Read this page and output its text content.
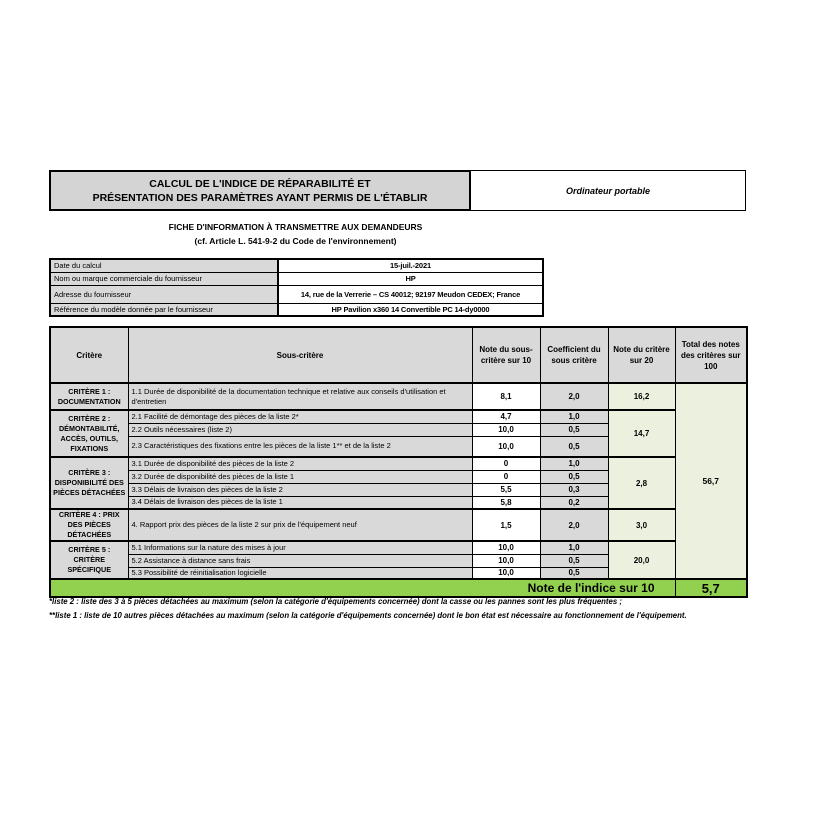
CALCUL DE L'INDICE DE RÉPARABILITÉ ET
PRÉSENTATION DES PARAMÈTRES AYANT PERMIS DE L'ÉTABLIR
Ordinateur portable
FICHE D'INFORMATION À TRANSMETTRE AUX DEMANDEURS
(cf. Article L. 541-9-2 du Code de l'environnement)
Date du calcul	15-juil.-2021
Nom ou marque commerciale du fournisseur	HP
Adresse du fournisseur	14, rue de la Verrerie – CS 40012; 92197 Meudon CEDEX; France
Référence du modèle donnée par le fournisseur	HP Pavilion x360 14 Convertible PC 14-dy0000
Critère	Sous-critère	Note du sous-critère sur 10	Coefficient du sous critère	Note du critère sur 20	Total des notes des critères sur 100
CRITÈRE 1 : DOCUMENTATION	1.1 Durée de disponibilité de la documentation technique et relative aux conseils d'utilisation et d'entretien	8,1	2,0	16,2	56,7
CRITÈRE 2 : DÉMONTABILITÉ, ACCÈS, OUTILS, FIXATIONS	2.1 Facilité de démontage des pièces de la liste 2*	4,7	1,0	14,7	
	2.2 Outils nécessaires (liste 2)	10,0	0,5		
	2.3 Caractéristiques des fixations entre les pièces de la liste 1** et de la liste 2	10,0	0,5		
CRITÈRE 3 : DISPONIBILITÉ DES PIÈCES DÉTACHÉES	3.1 Durée de disponibilité des pièces de la liste 2	0	1,0	2,8	
	3.2 Durée de disponibilité des pièces de la liste 1	0	0,5		
	3.3 Délais de livraison des pièces de la liste 2	5,5	0,3		
	3.4 Délais de livraison des pièces de la liste 1	5,8	0,2		
CRITÈRE 4 : PRIX DES PIÈCES DÉTACHÉES	4. Rapport prix des pièces de la liste 2 sur prix de l'équipement neuf	1,5	2,0	3,0	
CRITÈRE 5 : CRITÈRE SPÉCIFIQUE	5.1 Informations sur la nature des mises à jour	10,0	1,0	20,0	
	5.2 Assistance à distance sans frais	10,0	0,5		
	5.3 Possibilité de réinitialisation logicielle	10,0	0,5		
Note de l'indice sur 10					5,7
*liste 2 : liste des 3 à 5 pièces détachées au maximum (selon la catégorie d'équipements concernée) dont la casse ou les pannes sont les plus fréquentes ;
**liste 1 : liste de 10 autres pièces détachées au maximum (selon la catégorie d'équipements concernée) dont le bon état est nécessaire au fonctionnement de l'équipement.
